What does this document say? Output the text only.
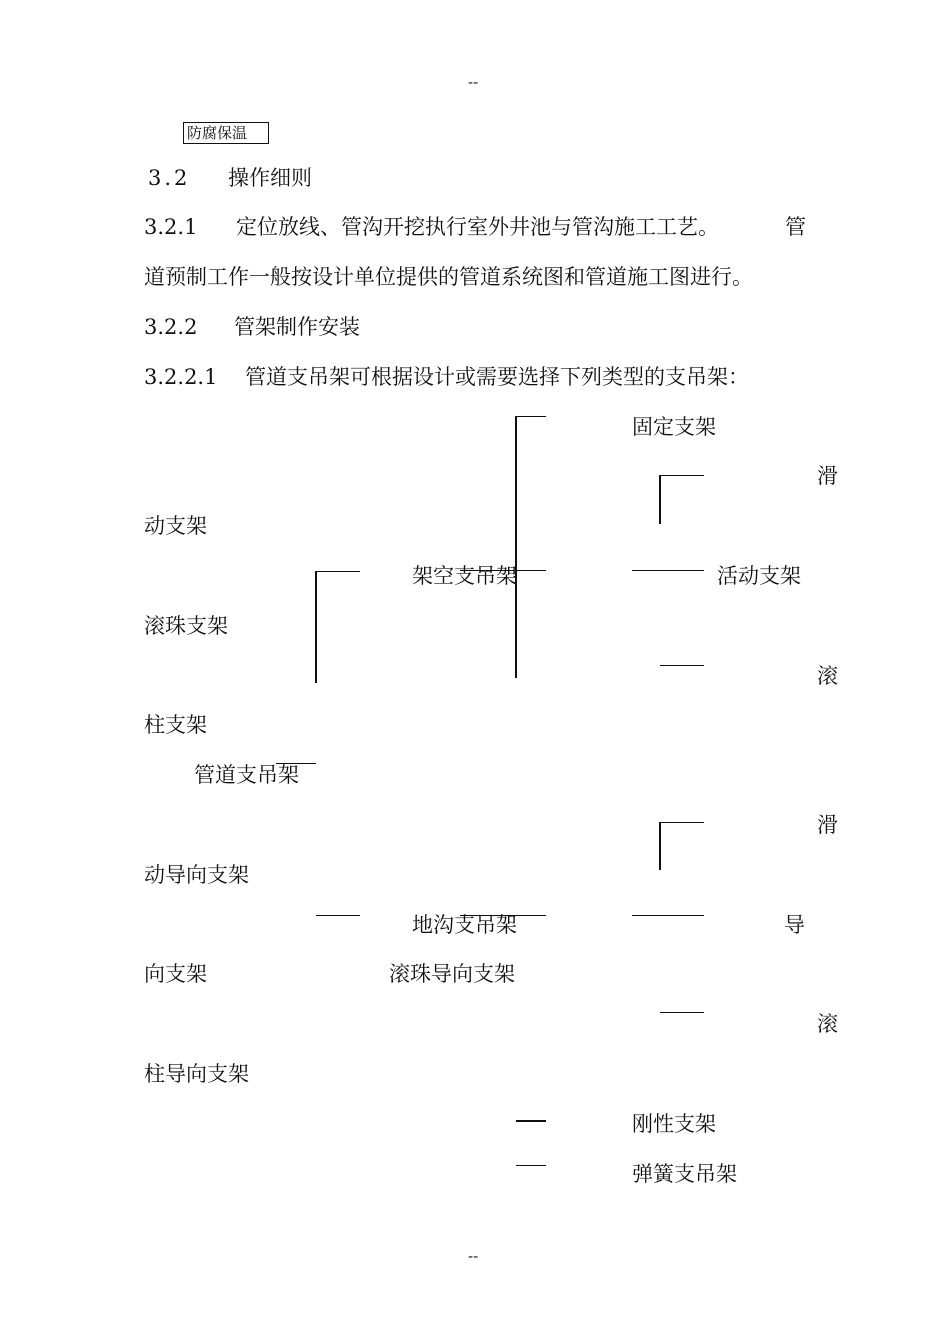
--
--
防腐保温
3.2 操作细则
3.2.1 定位放线、管沟开挖执行室外井池与管沟施工工艺。	管
道预制工作一般按设计单位提供的管道系统图和管道施工图进行。
3.2.2 管架制作安装
3.2.2.1 管道支吊架可根据设计或需要选择下列类型的支吊架：
固定支架
滑
动支架
架空支吊架	活动支架
滚珠支架
滚
柱支架
管道支吊架
滑
动导向支架
地沟支吊架	导
向支架	滚珠导向支架
滚
柱导向支架
刚性支架
弹簧支吊架
